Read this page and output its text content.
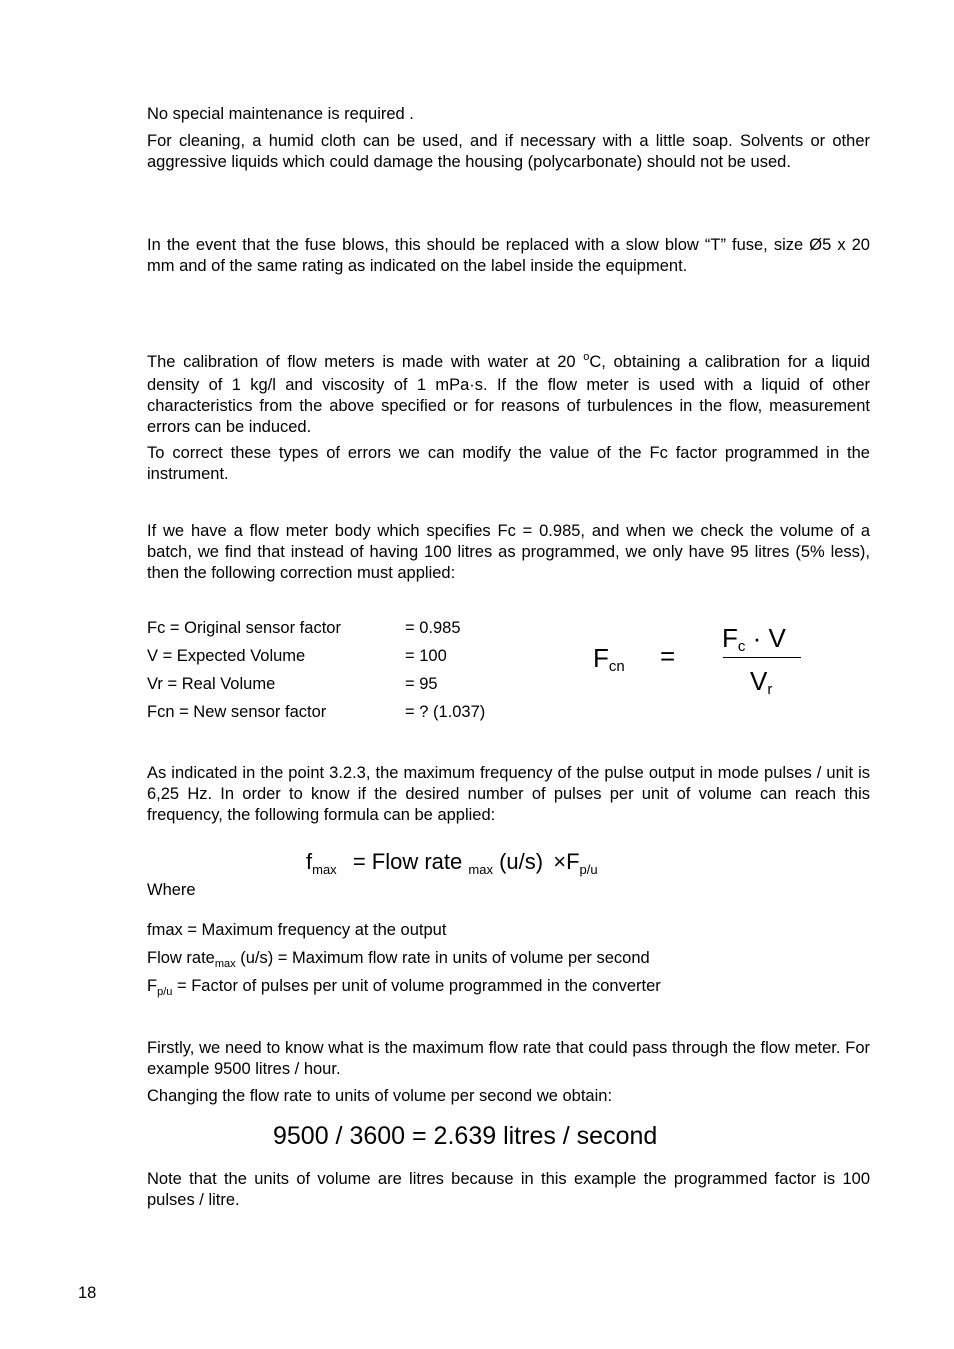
No special maintenance is required .

For cleaning, a humid cloth can be used, and if necessary with a little soap. Solvents or other aggressive liquids which could damage the housing (polycarbonate) should not be used.

In the event that the fuse blows, this should be replaced with a slow blow “T” fuse, size Ø5 x 20 mm and of the same rating as indicated on the label inside the equipment.

The calibration of flow meters is made with water at 20 $^o$C, obtaining a calibration for a liquid density of 1 kg/l and viscosity of 1 mPa·s. If the flow meter is used with a liquid of other characteristics from the above specified or for reasons of turbulences in the flow, measurement errors can be induced.

To correct these types of errors we can modify the value of the Fc factor programmed in the instrument.

If we have a flow meter body which specifies Fc = 0.985, and when we check the volume of a batch, we find that instead of having 100 litres as programmed, we only have 95 litres (5% less), then the following correction must applied:

Fc = Original sensor factor	= 0.985
V = Expected Volume	= 100
Vr = Real Volume	= 95
Fcn = New sensor factor	= ? (1.037)
Fcn =
Fc · V
Vr

As indicated in the point 3.2.3, the maximum frequency of the pulse output in mode pulses / unit is 6,25 Hz. In order to know if the desired number of pulses per unit of volume can reach this frequency, the following formula can be applied:

$f_{max}$ = Flow rate $_{max}$ $(u/s) \times F_{p/u}$
Where
fmax = Maximum frequency at the output
Flow rate$_{max}$ (u/s) = Maximum flow rate in units of volume per second
$F_{p/u}$ = Factor of pulses per unit of volume programmed in the converter

Firstly, we need to know what is the maximum flow rate that could pass through the flow meter. For example 9500 litres / hour.

Changing the flow rate to units of volume per second we obtain:

9500 / 3600 = 2.639 litres / second

Note that the units of volume are litres because in this example the programmed factor is 100 pulses / litre.

18
